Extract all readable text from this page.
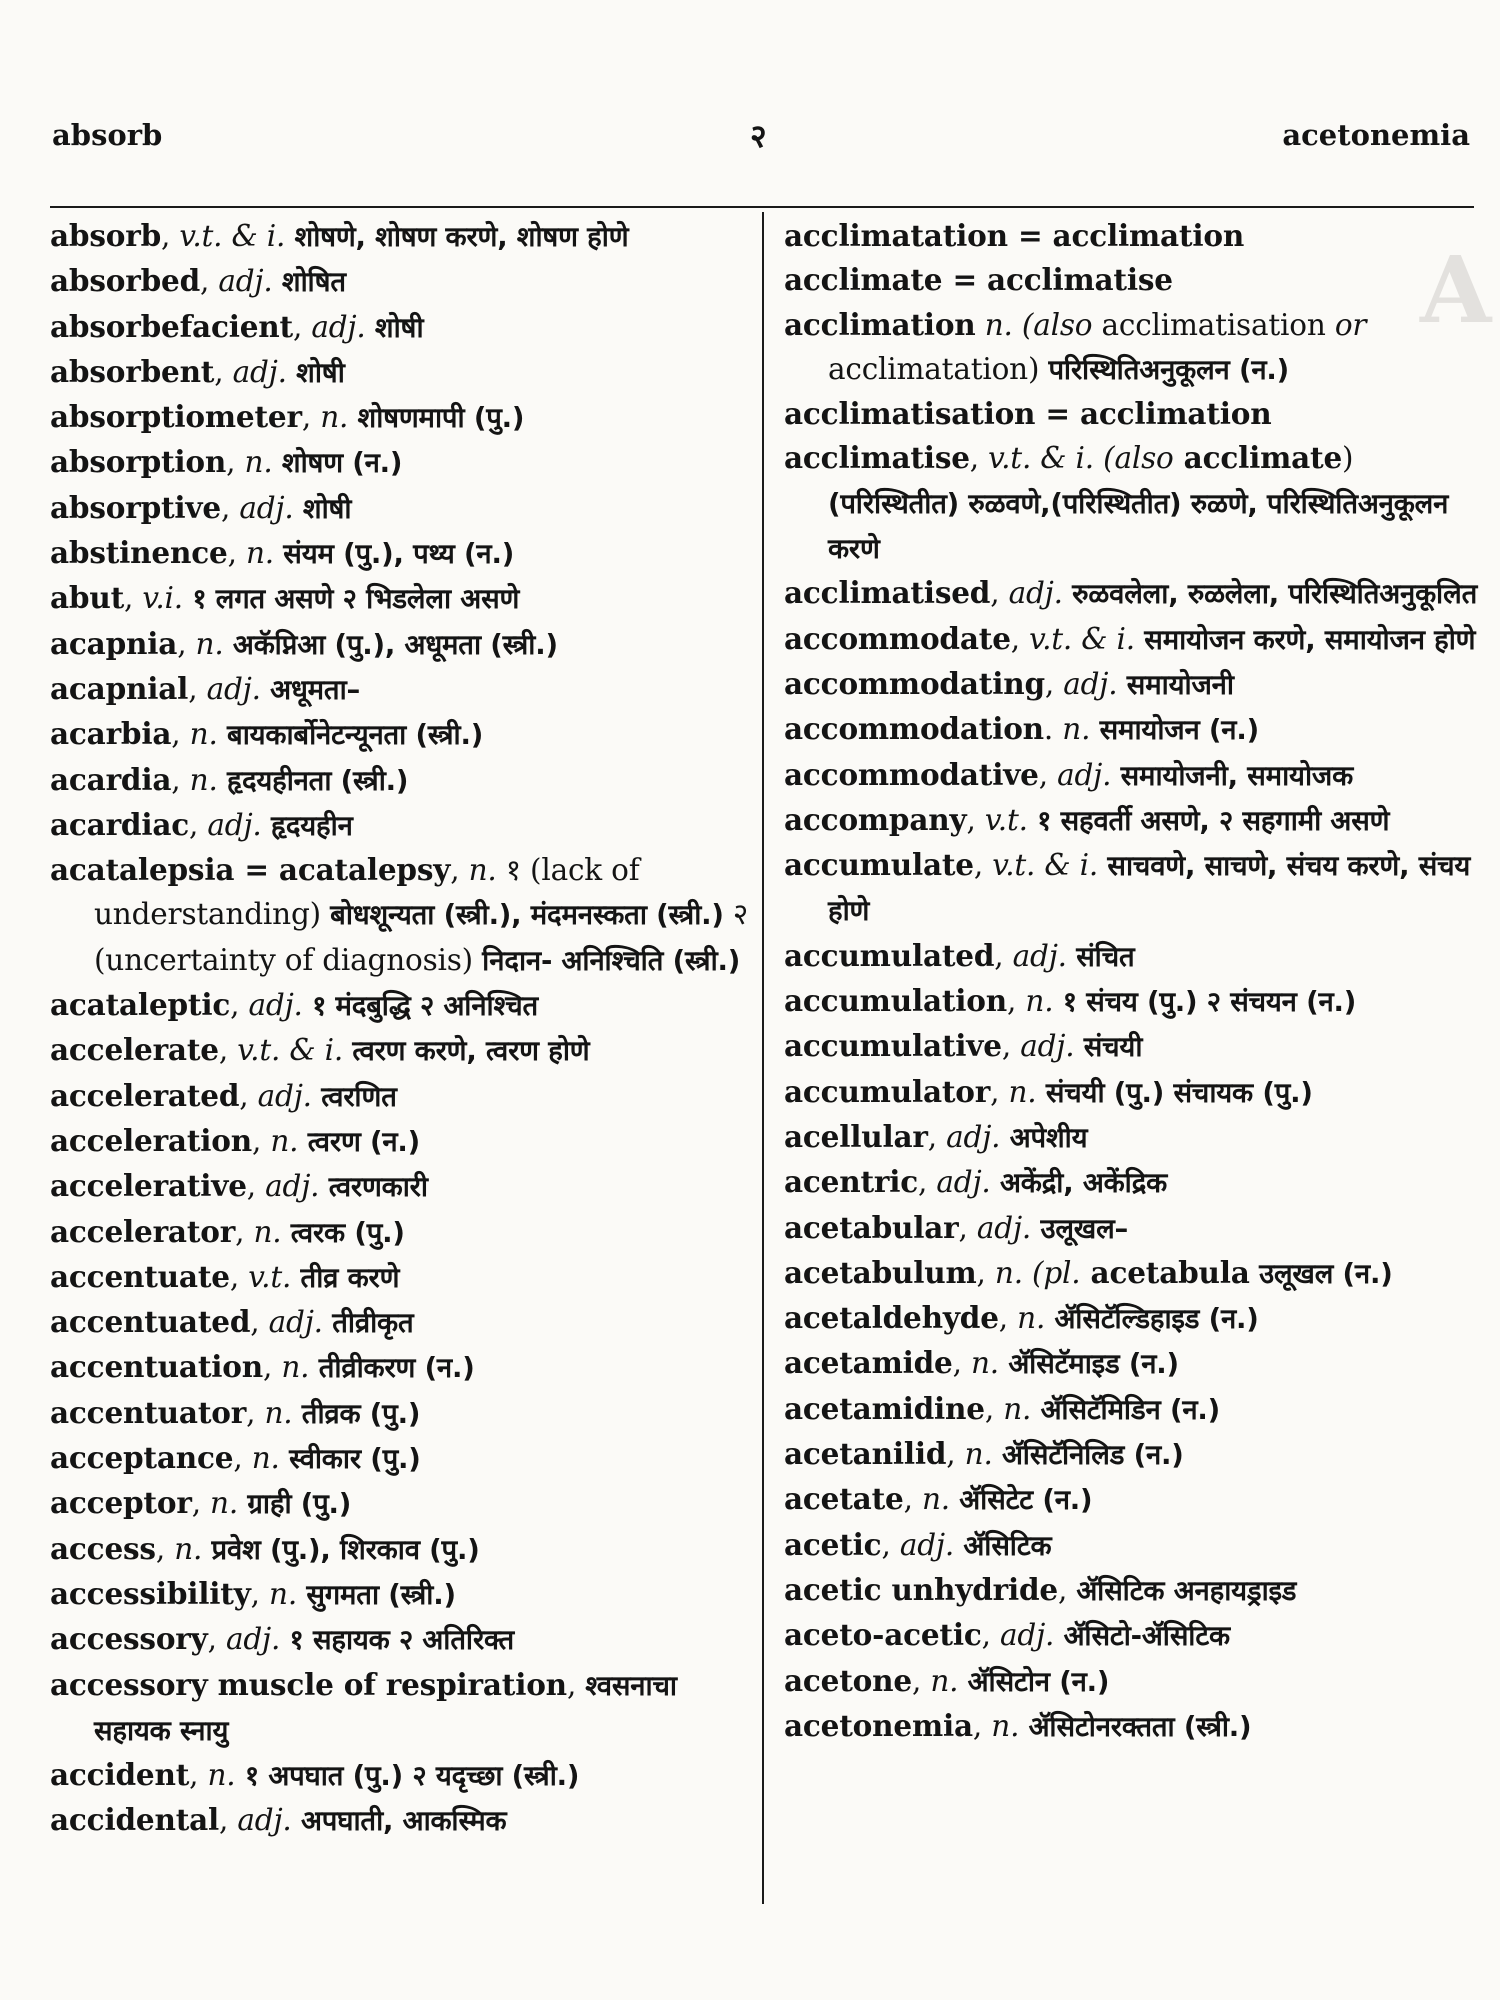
A
absorb	२	acetonemia
absorb, v.t. & i. शोषणे, शोषण करणे, शोषण होणे
absorbed, adj. शोषित
absorbefacient, adj. शोषी
absorbent, adj. शोषी
absorptiometer, n. शोषणमापी (पु.)
absorption, n. शोषण (न.)
absorptive, adj. शोषी
abstinence, n. संयम (पु.), पथ्य (न.)
abut, v.i. १ लगत असणे २ भिडलेला असणे
acapnia, n. अकॅप्निआ (पु.), अधूमता (स्त्री.)
acapnial, adj. अधूमता–
acarbia, n. बायकार्बोनेटन्यूनता (स्त्री.)
acardia, n. हृदयहीनता (स्त्री.)
acardiac, adj. हृदयहीन
acatalepsia = acatalepsy, n. १ (lack of understanding) बोधशून्यता (स्त्री.), मंदमनस्कता (स्त्री.) २ (uncertainty of diagnosis) निदान- अनिश्चिति (स्त्री.)
acataleptic, adj. १ मंदबुद्धि २ अनिश्चित
accelerate, v.t. & i. त्वरण करणे, त्वरण होणे
accelerated, adj. त्वरणित
acceleration, n. त्वरण (न.)
accelerative, adj. त्वरणकारी
accelerator, n. त्वरक (पु.)
accentuate, v.t. तीव्र करणे
accentuated, adj. तीव्रीकृत
accentuation, n. तीव्रीकरण (न.)
accentuator, n. तीव्रक (पु.)
acceptance, n. स्वीकार (पु.)
acceptor, n. ग्राही (पु.)
access, n. प्रवेश (पु.), शिरकाव (पु.)
accessibility, n. सुगमता (स्त्री.)
accessory, adj. १ सहायक २ अतिरिक्त
accessory muscle of respiration, श्वसनाचा सहायक स्नायु
accident, n. १ अपघात (पु.) २ यदृच्छा (स्त्री.)
accidental, adj. अपघाती, आकस्मिक
acclimatation = acclimation
acclimate = acclimatise
acclimation n. (also acclimatisation or acclimatation) परिस्थितिअनुकूलन (न.)
acclimatisation = acclimation
acclimatise, v.t. & i. (also acclimate) (परिस्थितीत) रुळवणे,(परिस्थितीत) रुळणे, परिस्थितिअनुकूलन करणे
acclimatised, adj. रुळवलेला, रुळलेला, परिस्थितिअनुकूलित
accommodate, v.t. & i. समायोजन करणे, समायोजन होणे
accommodating, adj. समायोजनी
accommodation. n. समायोजन (न.)
accommodative, adj. समायोजनी, समायोजक
accompany, v.t. १ सहवर्ती असणे, २ सहगामी असणे
accumulate, v.t. & i. साचवणे, साचणे, संचय करणे, संचय होणे
accumulated, adj. संचित
accumulation, n. १ संचय (पु.) २ संचयन (न.)
accumulative, adj. संचयी
accumulator, n. संचयी (पु.) संचायक (पु.)
acellular, adj. अपेशीय
acentric, adj. अकेंद्री, अकेंद्रिक
acetabular, adj. उलूखल–
acetabulum, n. (pl. acetabula उलूखल (न.)
acetaldehyde, n. ॲसिटॅल्डिहाइड (न.)
acetamide, n. ॲसिटॅमाइड (न.)
acetamidine, n. ॲसिटॅमिडिन (न.)
acetanilid, n. ॲसिटॅनिलिड (न.)
acetate, n. ॲसिटेट (न.)
acetic, adj. ॲसिटिक
acetic unhydride, ॲसिटिक अनहायड्राइड
aceto-acetic, adj. ॲसिटो-ॲसिटिक
acetone, n. ॲसिटोन (न.)
acetonemia, n. ॲसिटोनरक्तता (स्त्री.)
